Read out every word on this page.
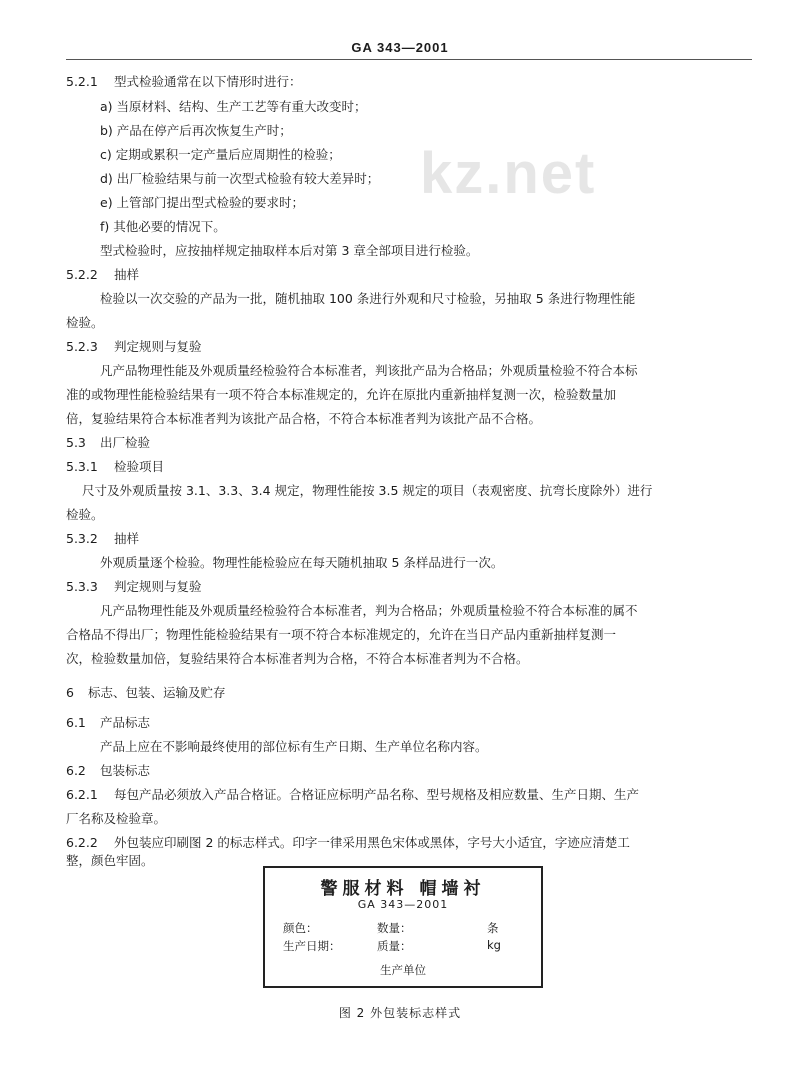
GA 343—2001
kz.net
5.2.1 型式检验通常在以下情形时进行：
a) 当原材料、结构、生产工艺等有重大改变时；
b) 产品在停产后再次恢复生产时；
c) 定期或累积一定产量后应周期性的检验；
d) 出厂检验结果与前一次型式检验有较大差异时；
e) 上管部门提出型式检验的要求时；
f) 其他必要的情况下。
型式检验时，应按抽样规定抽取样本后对第 3 章全部项目进行检验。
5.2.2 抽样
检验以一次交验的产品为一批，随机抽取 100 条进行外观和尺寸检验，另抽取 5 条进行物理性能
检验。
5.2.3 判定规则与复验
凡产品物理性能及外观质量经检验符合本标准者，判该批产品为合格品；外观质量检验不符合本标
准的或物理性能检验结果有一项不符合本标准规定的，允许在原批内重新抽样复测一次，检验数量加
倍，复验结果符合本标准者判为该批产品合格，不符合本标准者判为该批产品不合格。
5.3 出厂检验
5.3.1 检验项目
尺寸及外观质量按 3.1、3.3、3.4 规定，物理性能按 3.5 规定的项目（表观密度、抗弯长度除外）进行
检验。
5.3.2 抽样
外观质量逐个检验。物理性能检验应在每天随机抽取 5 条样品进行一次。
5.3.3 判定规则与复验
凡产品物理性能及外观质量经检验符合本标准者，判为合格品；外观质量检验不符合本标准的属不
合格品不得出厂；物理性能检验结果有一项不符合本标准规定的，允许在当日产品内重新抽样复测一
次，检验数量加倍，复验结果符合本标准者判为合格，不符合本标准者判为不合格。
6 标志、包装、运输及贮存
6.1 产品标志
产品上应在不影响最终使用的部位标有生产日期、生产单位名称内容。
6.2 包装标志
6.2.1 每包产品必须放入产品合格证。合格证应标明产品名称、型号规格及相应数量、生产日期、生产
厂名称及检验章。
6.2.2 外包装应印刷图 2 的标志样式。印字一律采用黑色宋体或黑体，字号大小适宜，字迹应清楚工
整，颜色牢固。
警服材料 帽墙衬
GA 343—2001
颜色：	数量：	条
生产日期：	质量：	kg
生产单位
图 2 外包装标志样式
